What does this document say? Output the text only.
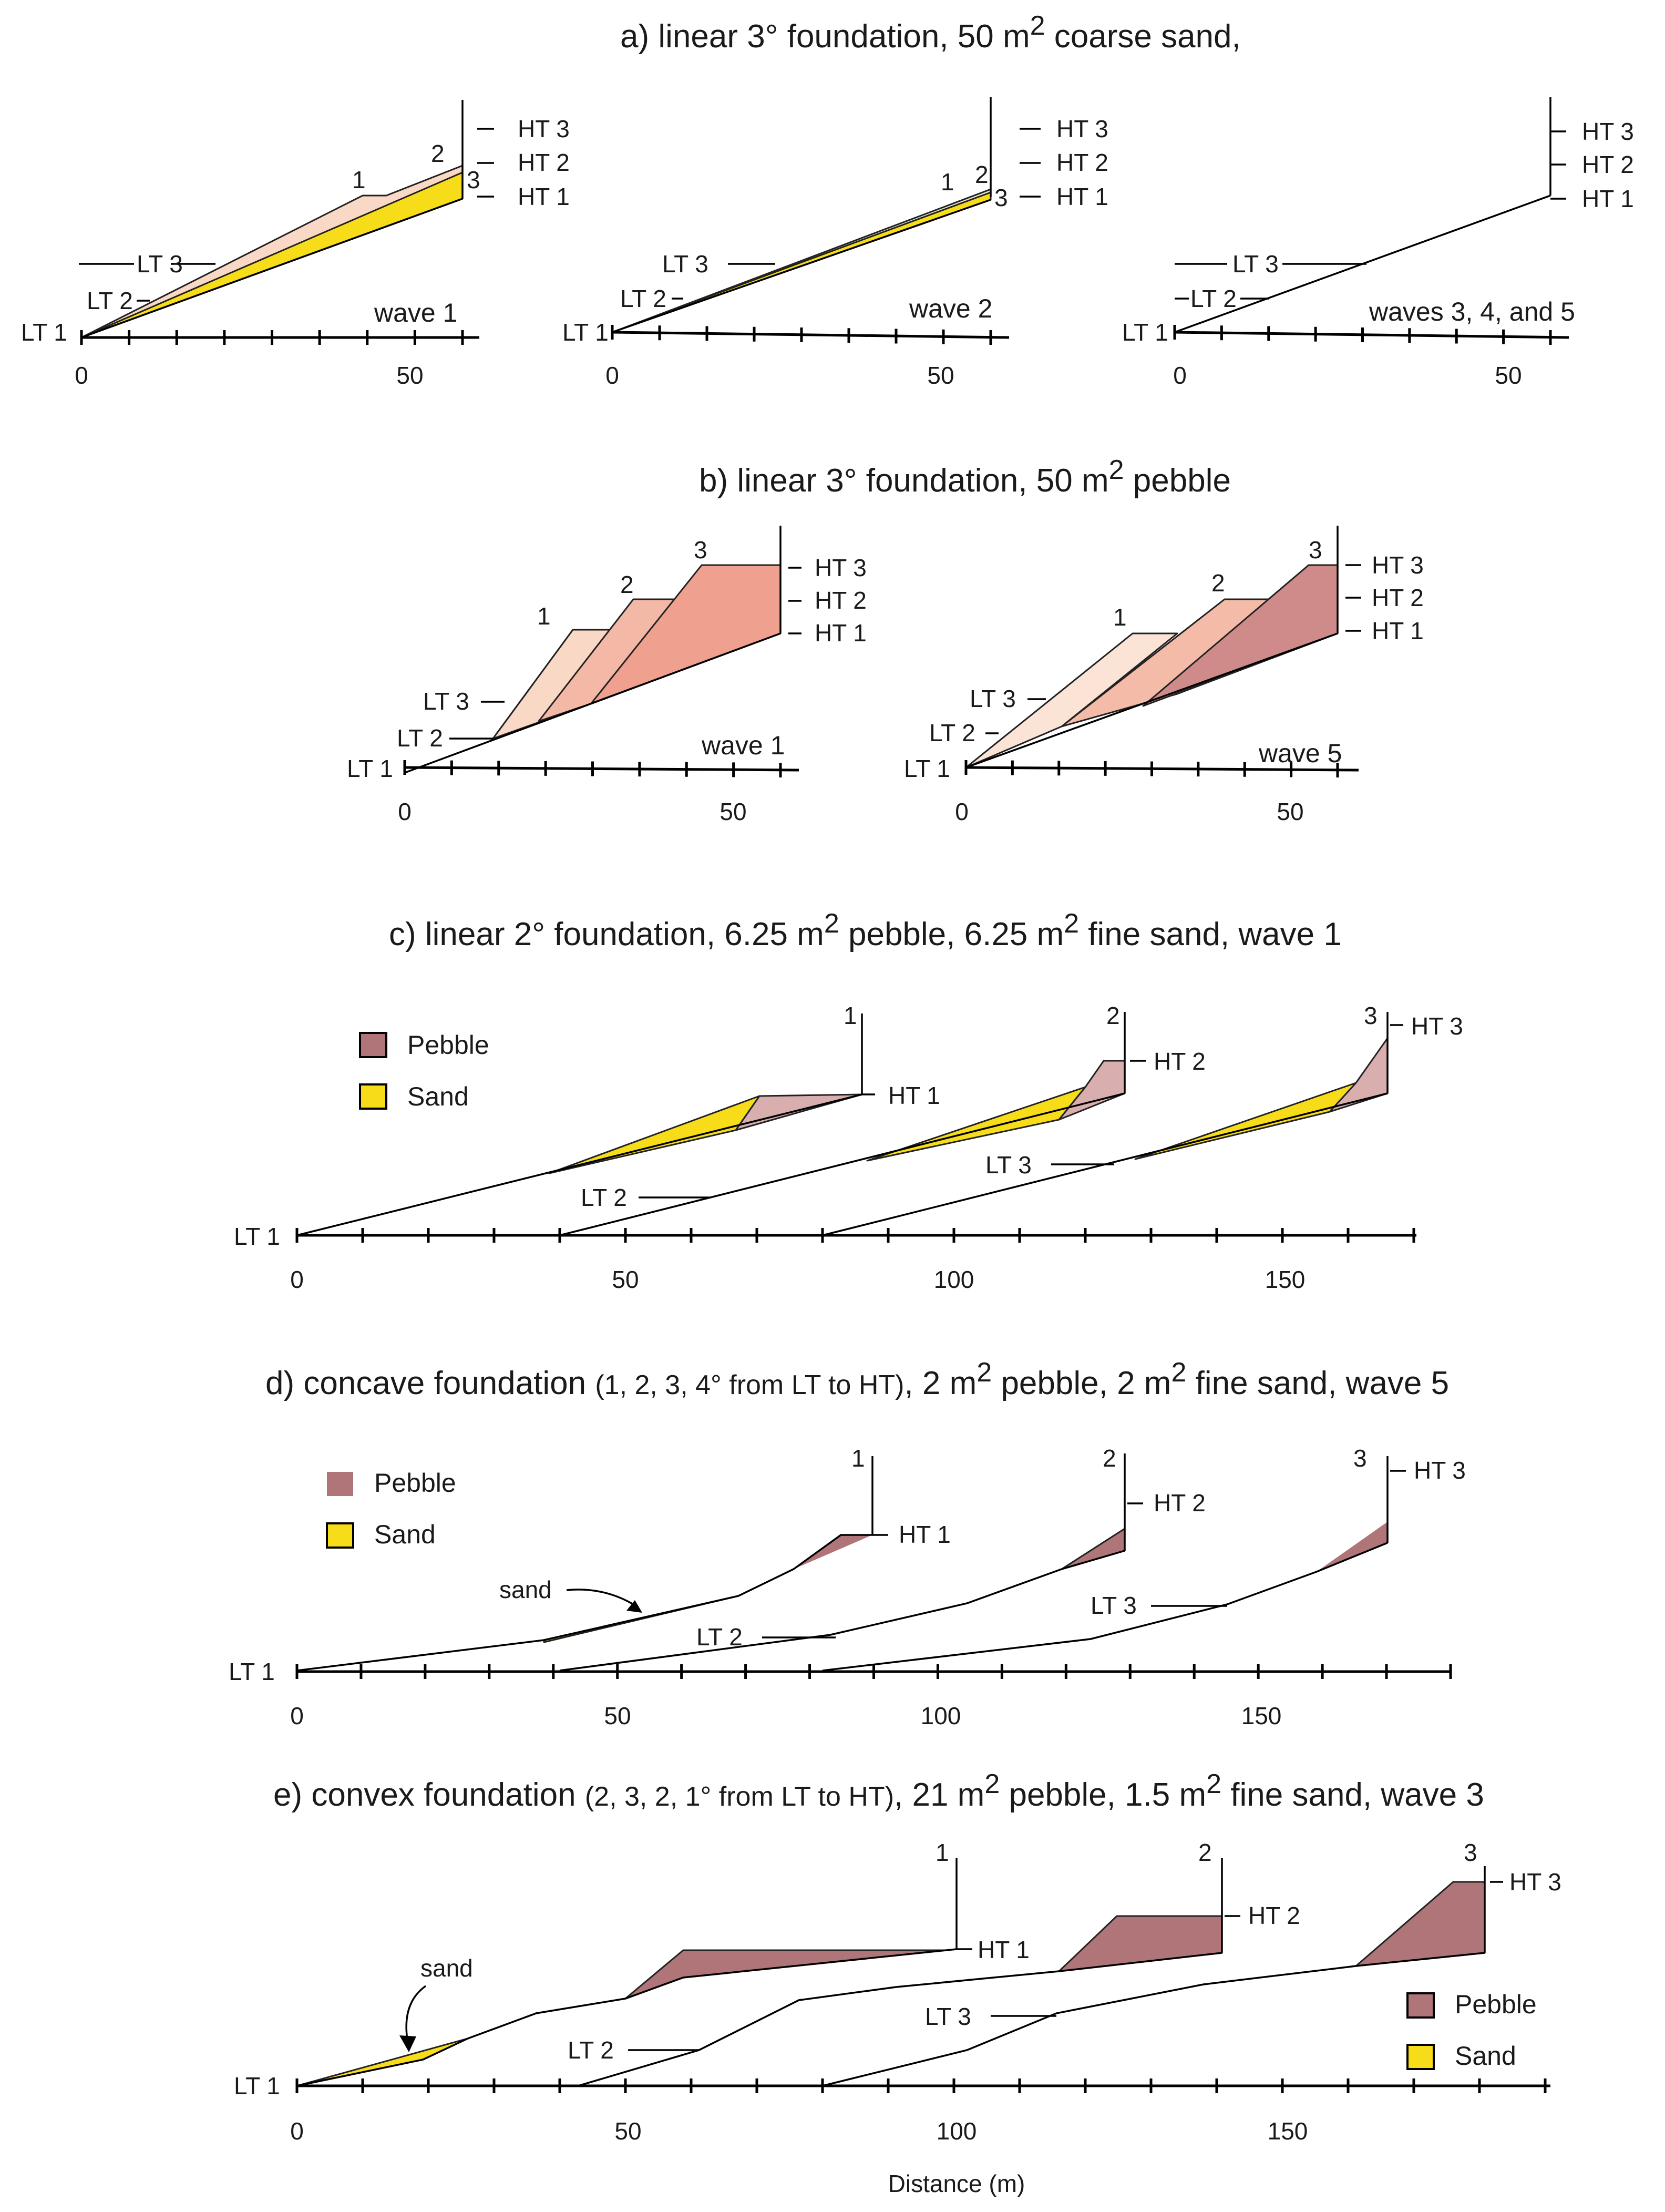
a) linear 3° foundation, 50 $m^2$ coarse sand,
LT 3
LT 2
LT 1
HT 3
HT 2
HT 1
1
2
3
wave 1
0	50
LT 3
LT 2
LT 1
HT 3
HT 2
HT 1
1 2
3
wave 2
0	50
LT 3
LT 2
LT 1
HT 3
HT 2
HT 1
waves 3, 4, and 5
0	50
b) linear 3° foundation, 50 $m^2$ pebble
LT 3
LT 2
LT 1
HT 3
HT 2
HT 1
1
2
3
wave 1
0	50
LT 3
LT 2
LT 1
HT 3
HT 2
HT 1
1
2
3
wave 5
0	50
c) linear 2° foundation, 6.25 $m^2$ pebble, 6.25 $m^2$ fine sand, wave 1
Pebble
Sand	HT 1
HT 2
HT 3
LT 2
LT 3
LT 1
1	2	3
0	50	100	150
d) concave foundation (1, 2, 3, 4° from LT to HT), 2 $m^2$ pebble, 2 $m^2$ fine sand, wave 5
Pebble
Sand	HT 1
HT 2
HT 3
LT 2
LT 3
LT 1
1	2	3
sand
0	50	100	150
e) convex foundation (2, 3, 2, 1° from LT to HT), 21 $m^2$ pebble, 1.5 $m^2$ fine sand, wave 3
HT 1
HT 2
HT 3
LT 2
LT 3
LT 1
1	2	3
sand
Pebble
Sand
0	50	100	150
Distance (m)
